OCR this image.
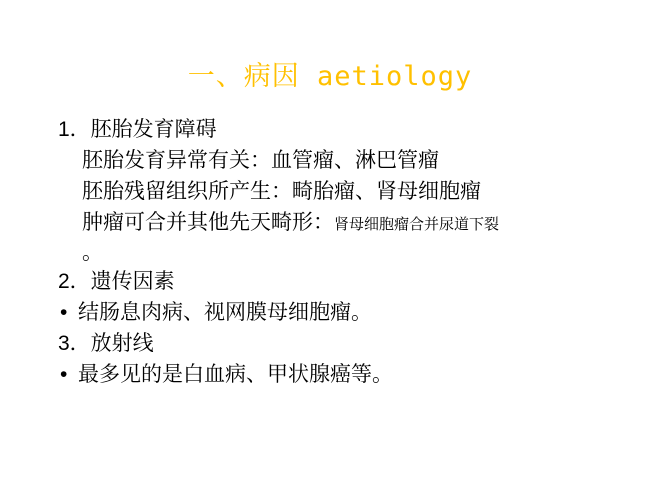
一、病因 aetiology
1．胚胎发育障碍
胚胎发育异常有关：血管瘤、淋巴管瘤
胚胎残留组织所产生：畸胎瘤、肾母细胞瘤
肿瘤可合并其他先天畸形：肾母细胞瘤合并尿道下裂
。
2．遗传因素
• 结肠息肉病、视网膜母细胞瘤。
3．放射线
• 最多见的是白血病、甲状腺癌等。
